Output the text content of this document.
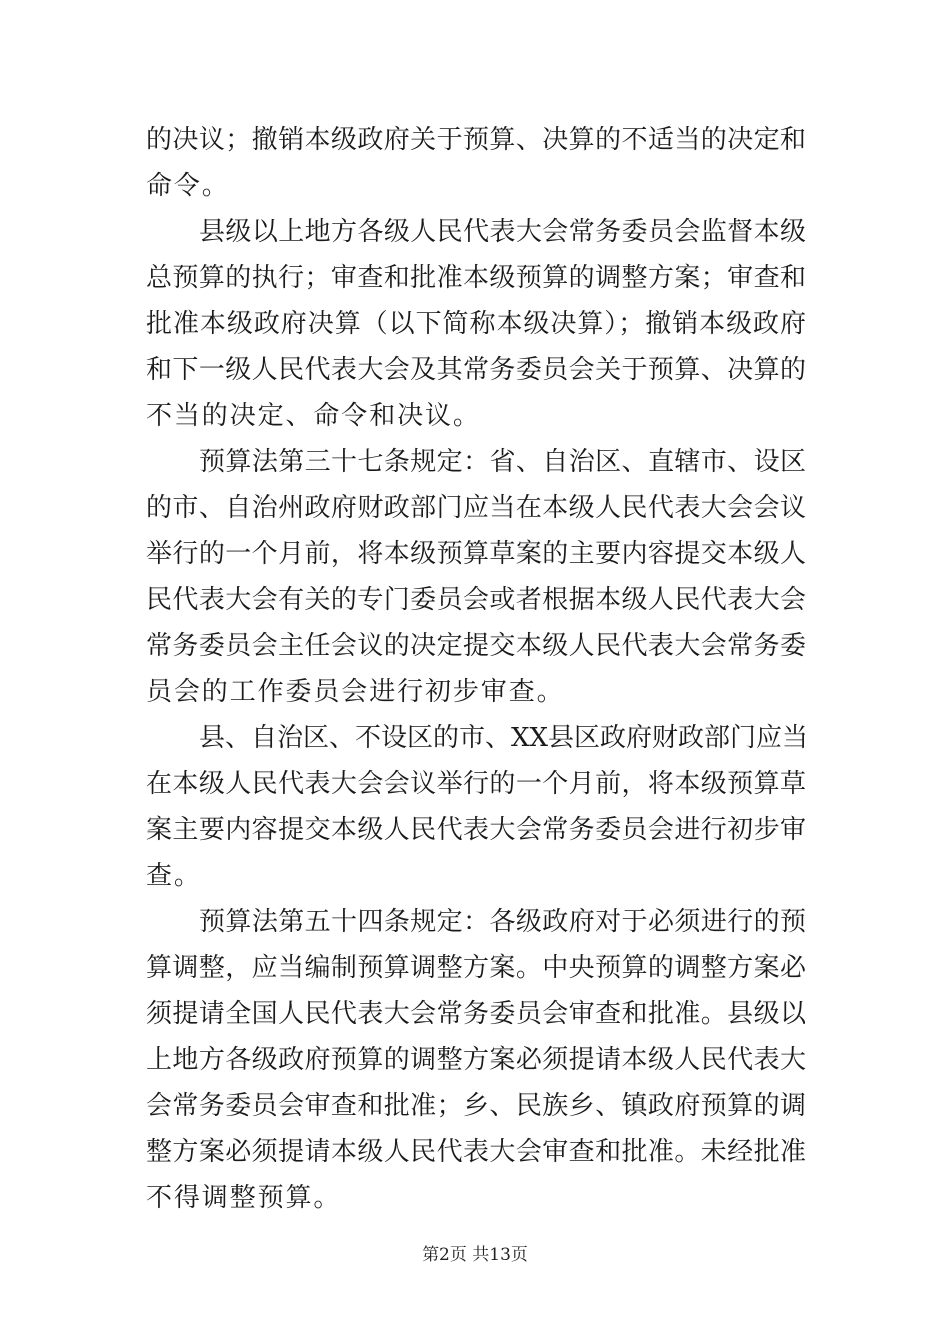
的决议；撤销本级政府关于预算、决算的不适当的决定和
命令。
县级以上地方各级人民代表大会常务委员会监督本级
总预算的执行；审查和批准本级预算的调整方案；审查和
批准本级政府决算（以下简称本级决算）；撤销本级政府
和下一级人民代表大会及其常务委员会关于预算、决算的
不当的决定、命令和决议。
预算法第三十七条规定：省、自治区、直辖市、设区
的市、自治州政府财政部门应当在本级人民代表大会会议
举行的一个月前，将本级预算草案的主要内容提交本级人
民代表大会有关的专门委员会或者根据本级人民代表大会
常务委员会主任会议的决定提交本级人民代表大会常务委
员会的工作委员会进行初步审查。
县、自治区、不设区的市、XX县区政府财政部门应当
在本级人民代表大会会议举行的一个月前，将本级预算草
案主要内容提交本级人民代表大会常务委员会进行初步审
查。
预算法第五十四条规定：各级政府对于必须进行的预
算调整，应当编制预算调整方案。中央预算的调整方案必
须提请全国人民代表大会常务委员会审查和批准。县级以
上地方各级政府预算的调整方案必须提请本级人民代表大
会常务委员会审查和批准；乡、民族乡、镇政府预算的调
整方案必须提请本级人民代表大会审查和批准。未经批准
不得调整预算。
第2页 共13页
